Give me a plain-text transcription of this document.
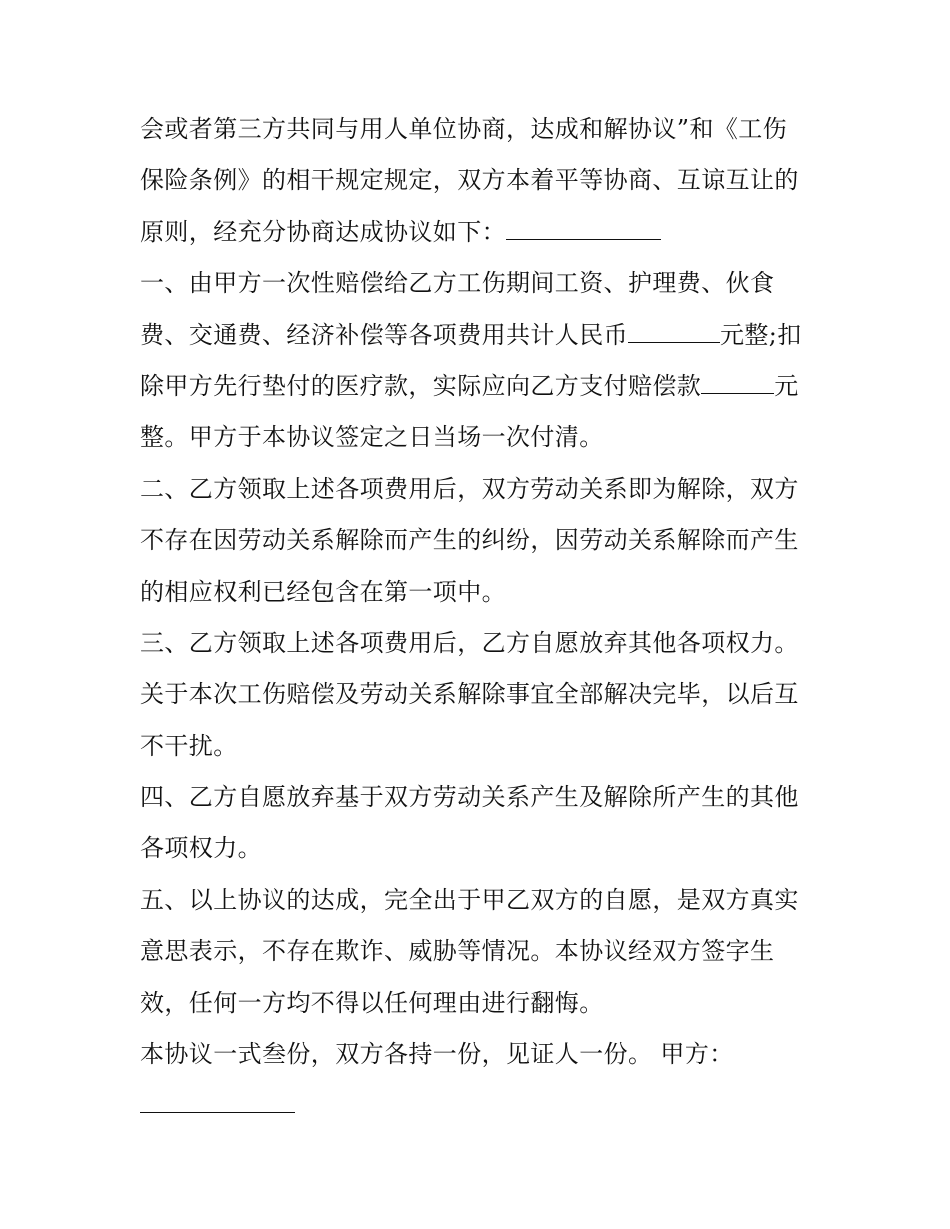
会或者第三方共同与用人单位协商，达成和解协议”和《工伤
保险条例》的相干规定规定，双方本着平等协商、互谅互让的
原则，经充分协商达成协议如下：
一、由甲方一次性赔偿给乙方工伤期间工资、护理费、伙食
费、交通费、经济补偿等各项费用共计人民币	元整;扣
除甲方先行垫付的医疗款，实际应向乙方支付赔偿款	元
整。甲方于本协议签定之日当场一次付清。
二、乙方领取上述各项费用后，双方劳动关系即为解除，双方
不存在因劳动关系解除而产生的纠纷，因劳动关系解除而产生
的相应权利已经包含在第一项中。
三、乙方领取上述各项费用后，乙方自愿放弃其他各项权力。
关于本次工伤赔偿及劳动关系解除事宜全部解决完毕，以后互
不干扰。
四、乙方自愿放弃基于双方劳动关系产生及解除所产生的其他
各项权力。
五、以上协议的达成，完全出于甲乙双方的自愿，是双方真实
意思表示，不存在欺诈、威胁等情况。本协议经双方签字生
效，任何一方均不得以任何理由进行翻悔。
本协议一式叁份，双方各持一份，见证人一份。 甲方：
